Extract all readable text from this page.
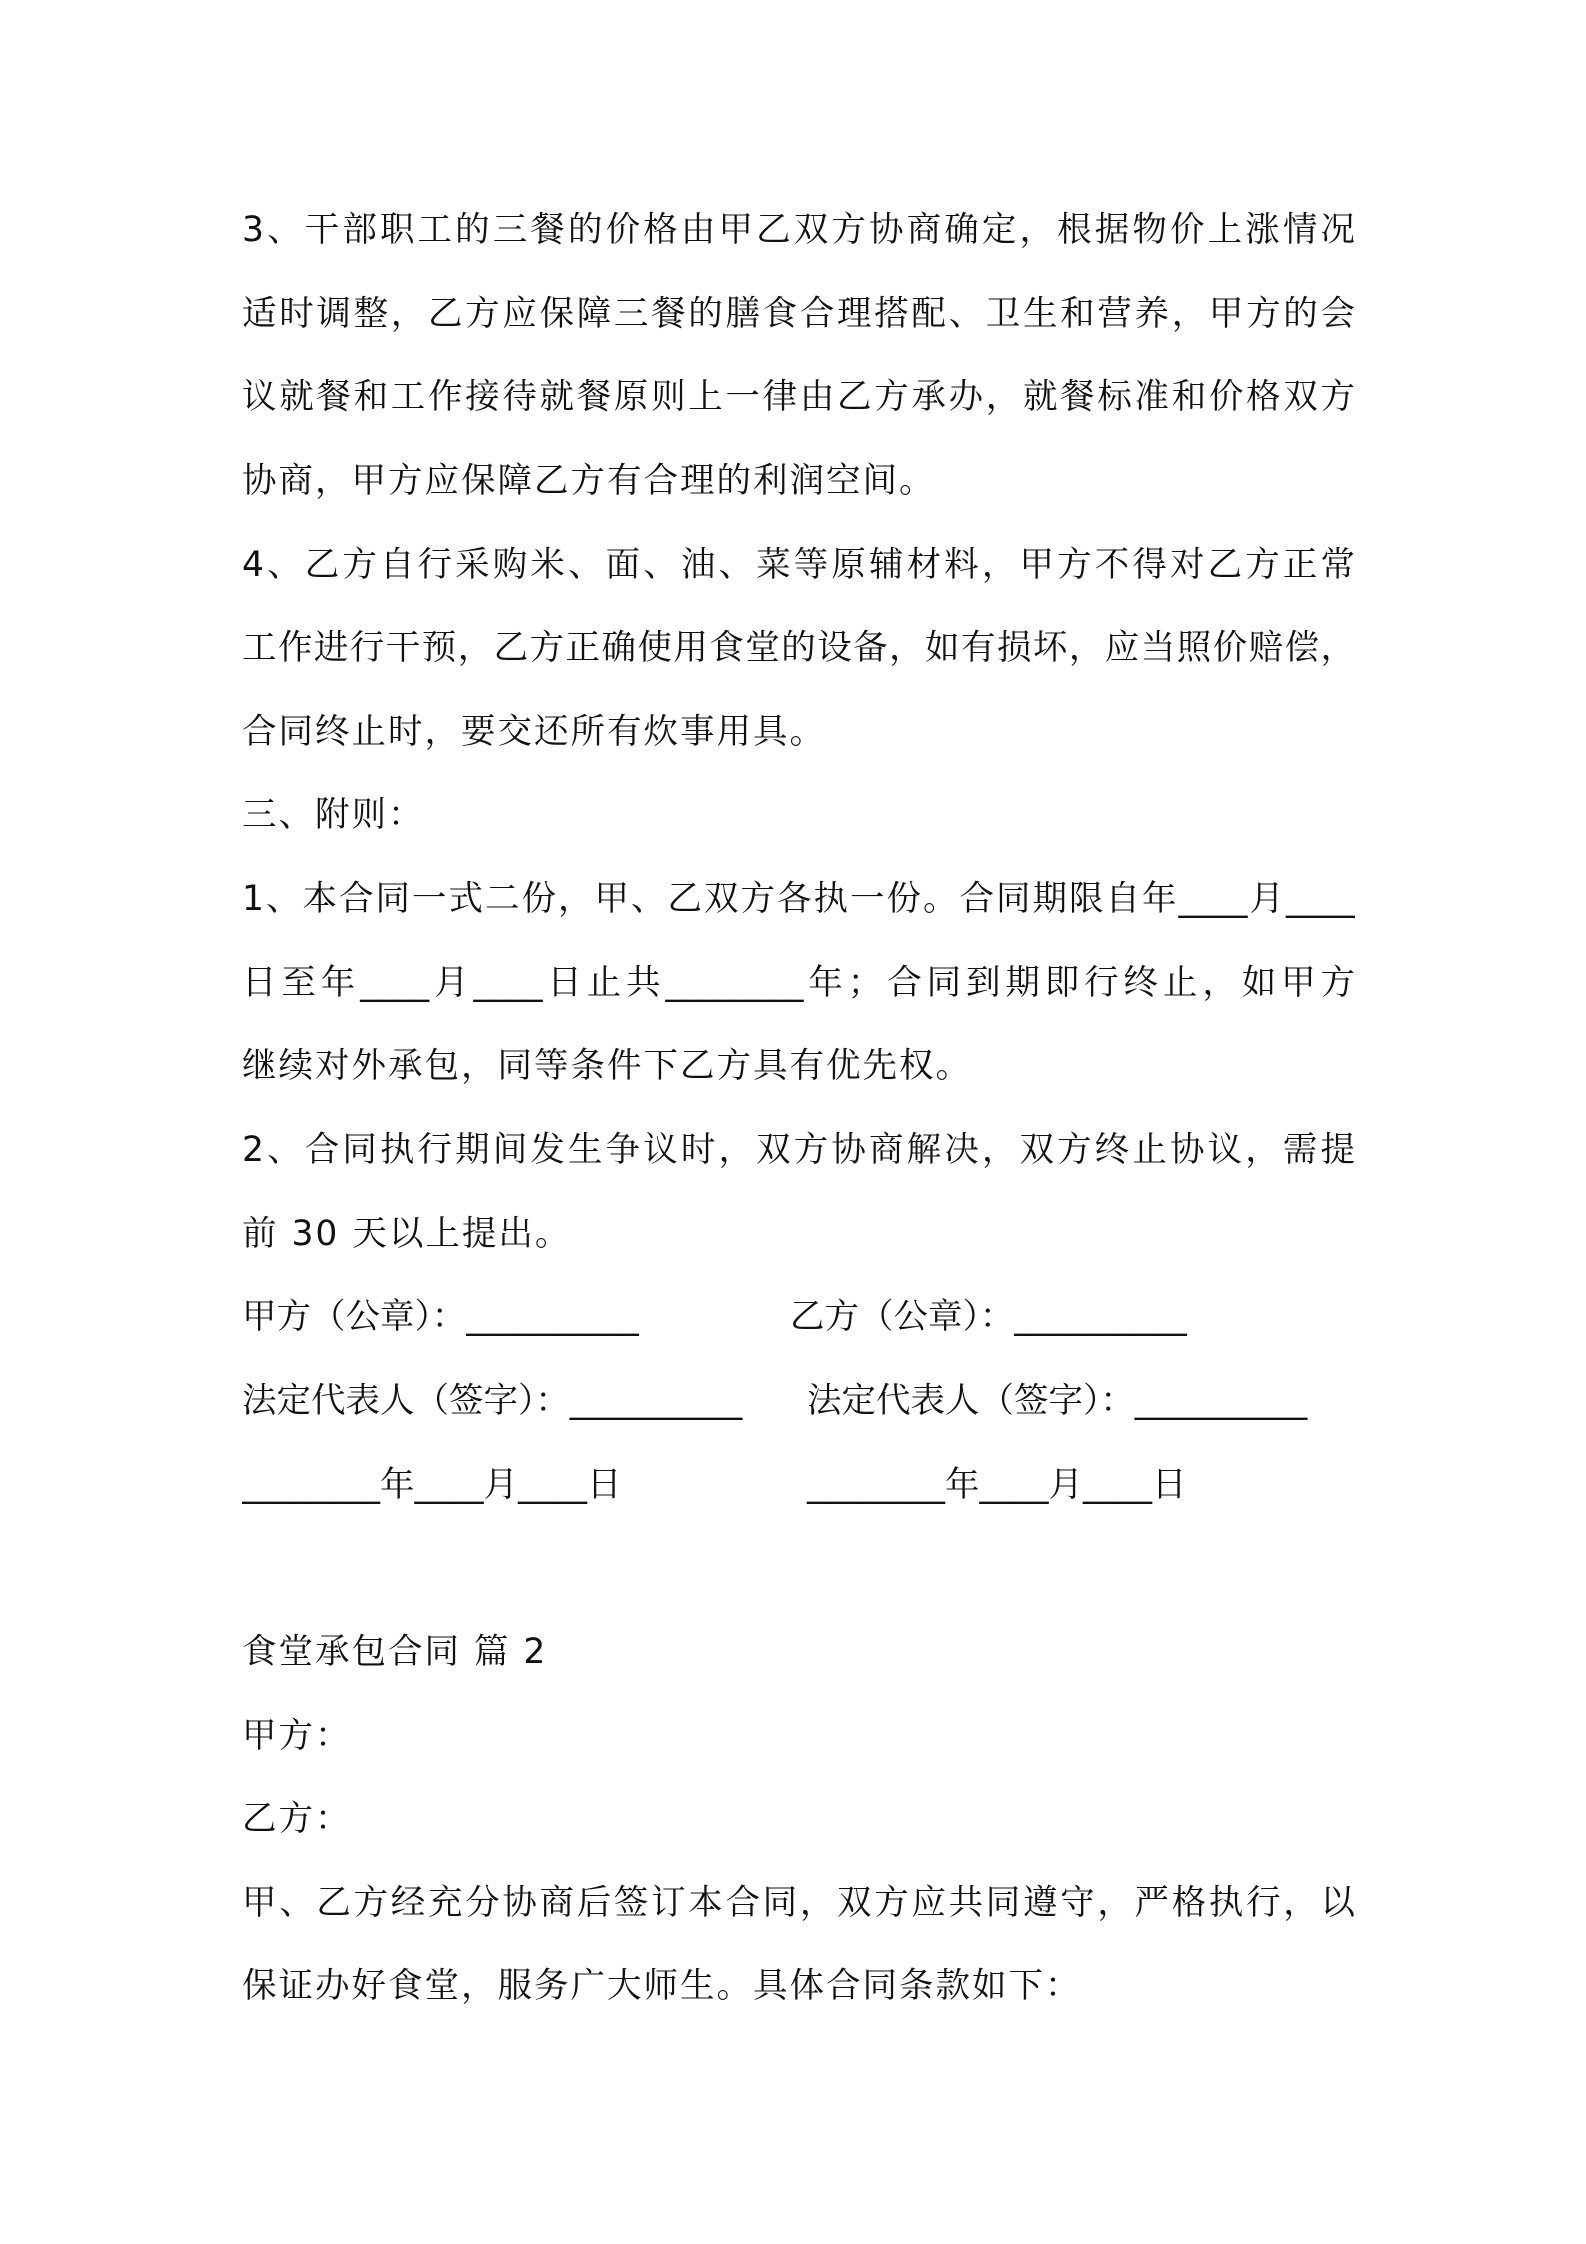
3、干部职工的三餐的价格由甲乙双方协商确定，根据物价上涨情况
适时调整，乙方应保障三餐的膳食合理搭配、卫生和营养，甲方的会
议就餐和工作接待就餐原则上一律由乙方承办，就餐标准和价格双方
协商，甲方应保障乙方有合理的利润空间。
4、乙方自行采购米、面、油、菜等原辅材料，甲方不得对乙方正常
工作进行干预，乙方正确使用食堂的设备，如有损坏，应当照价赔偿，
合同终止时，要交还所有炊事用具。
三、附则：
1、本合同一式二份，甲、乙双方各执一份。合同期限自年____月____
日至年____月____日止共________年；合同到期即行终止，如甲方
继续对外承包，同等条件下乙方具有优先权。
2、合同执行期间发生争议时，双方协商解决，双方终止协议，需提
前 30 天以上提出。
甲方（公章）：__________	乙方（公章）：__________
法定代表人（签字）：__________ 法定代表人（签字）：__________
________年____月____日	________年____月____日
食堂承包合同 篇 2
甲方：
乙方：
甲、乙方经充分协商后签订本合同，双方应共同遵守，严格执行，以
保证办好食堂，服务广大师生。具体合同条款如下：
